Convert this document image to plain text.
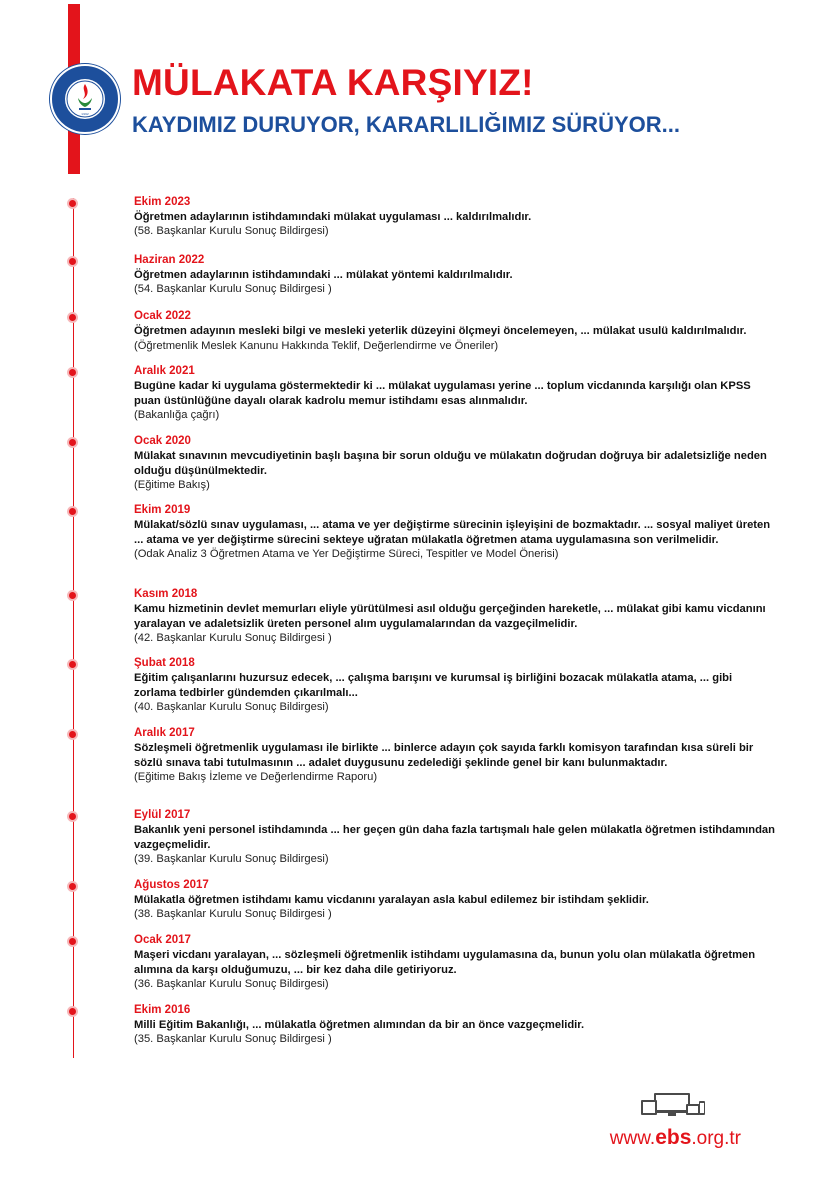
1992
MÜLAKATA KARŞIYIZ!
KAYDIMIZ DURUYOR, KARARLILIĞIMIZ SÜRÜYOR...
Ekim 2023
Öğretmen adaylarının istihdamındaki mülakat uygulaması ... kaldırılmalıdır.
(58. Başkanlar Kurulu Sonuç Bildirgesi)
Haziran 2022
Öğretmen adaylarının istihdamındaki ... mülakat yöntemi kaldırılmalıdır.
(54. Başkanlar Kurulu Sonuç Bildirgesi )
Ocak 2022
Öğretmen adayının mesleki bilgi ve mesleki yeterlik düzeyini ölçmeyi öncelemeyen, ... mülakat usulü kaldırılmalıdır. (Öğretmenlik Meslek Kanunu Hakkında Teklif, Değerlendirme ve Öneriler)
Aralık 2021
Bugüne kadar ki uygulama göstermektedir ki ... mülakat uygulaması yerine ... toplum vicdanında karşılığı olan KPSS puan üstünlüğüne dayalı olarak kadrolu memur istihdamı esas alınmalıdır.
(Bakanlığa çağrı)
Ocak 2020
Mülakat sınavının mevcudiyetinin başlı başına bir sorun olduğu ve mülakatın doğrudan doğruya bir adaletsizliğe neden olduğu düşünülmektedir.
(Eğitime Bakış)
Ekim 2019
Mülakat/sözlü sınav uygulaması, ... atama ve yer değiştirme sürecinin işleyişini de bozmaktadır. ... sosyal maliyet üreten ... atama ve yer değiştirme sürecini sekteye uğratan mülakatla öğretmen atama uygulamasına son verilmelidir.
(Odak Analiz 3 Öğretmen Atama ve Yer Değiştirme Süreci, Tespitler ve Model Önerisi)
Kasım 2018
Kamu hizmetinin devlet memurları eliyle yürütülmesi asıl olduğu gerçeğinden hareketle, ... mülakat gibi kamu vicdanını yaralayan ve adaletsizlik üreten personel alım uygulamalarından da vazgeçilmelidir.
(42. Başkanlar Kurulu Sonuç Bildirgesi )
Şubat 2018
Eğitim çalışanlarını huzursuz edecek, ... çalışma barışını ve kurumsal iş birliğini bozacak mülakatla atama, ... gibi zorlama tedbirler gündemden çıkarılmalı...
(40. Başkanlar Kurulu Sonuç Bildirgesi)
Aralık 2017
Sözleşmeli öğretmenlik uygulaması ile birlikte ... binlerce adayın çok sayıda farklı komisyon tarafından kısa süreli bir sözlü sınava tabi tutulmasının ... adalet duygusunu zedelediği şeklinde genel bir kanı bulunmaktadır.
(Eğitime Bakış İzleme ve Değerlendirme Raporu)
Eylül 2017
Bakanlık yeni personel istihdamında ... her geçen gün daha fazla tartışmalı hale gelen mülakatla öğretmen istihdamından vazgeçmelidir.
(39. Başkanlar Kurulu Sonuç Bildirgesi)
Ağustos 2017
Mülakatla öğretmen istihdamı kamu vicdanını yaralayan asla kabul edilemez bir istihdam şeklidir.
(38. Başkanlar Kurulu Sonuç Bildirgesi )
Ocak 2017
Maşeri vicdanı yaralayan, ... sözleşmeli öğretmenlik istihdamı uygulamasına da, bunun yolu olan mülakatla öğretmen alımına da karşı olduğumuzu, ... bir kez daha dile getiriyoruz.
(36. Başkanlar Kurulu Sonuç Bildirgesi)
Ekim 2016
Milli Eğitim Bakanlığı, ... mülakatla öğretmen alımından da bir an önce vazgeçmelidir.
(35. Başkanlar Kurulu Sonuç Bildirgesi )
www.ebs.org.tr
